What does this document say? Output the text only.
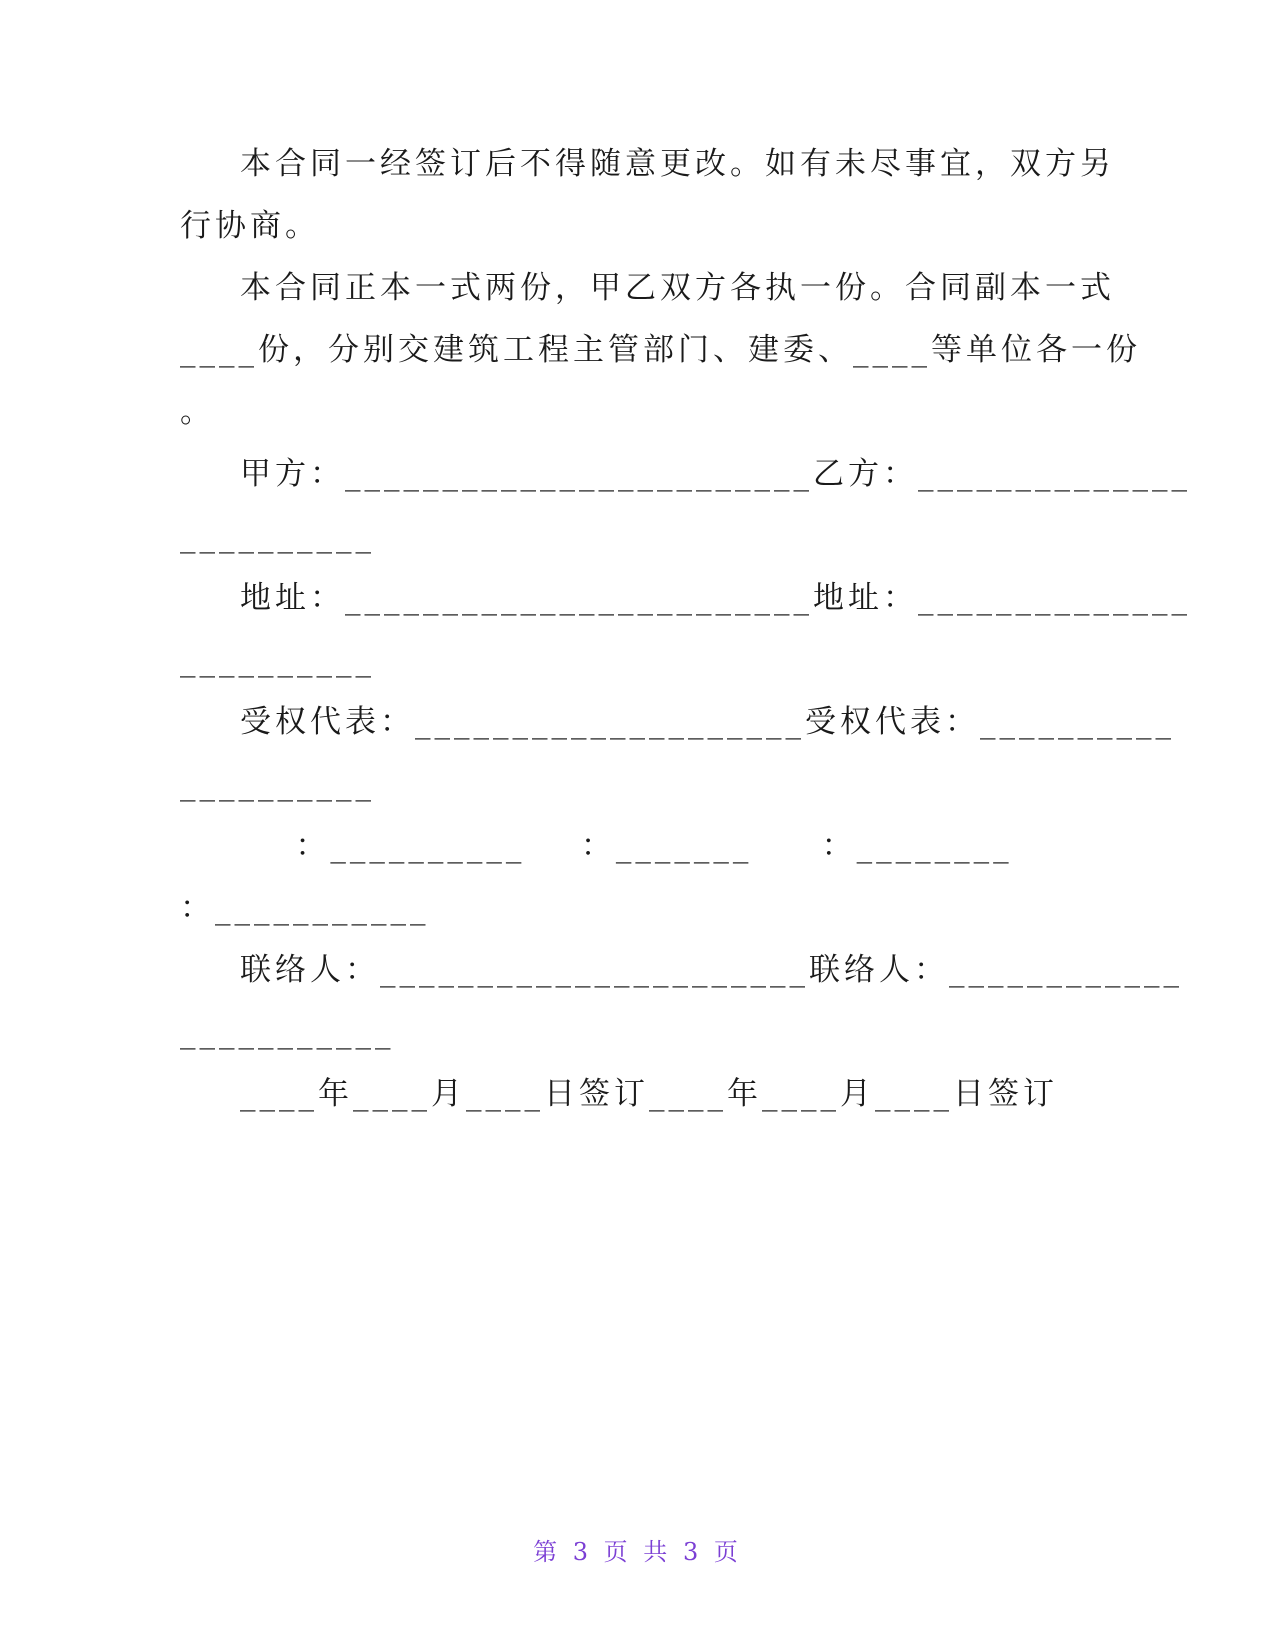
本合同一经签订后不得随意更改。如有未尽事宜，双方另
行协商。
本合同正本一式两份，甲乙双方各执一份。合同副本一式
____份，分别交建筑工程主管部门、建委、____等单位各一份
。
甲方：________________________乙方：______________
__________
地址：________________________地址：______________
__________
受权代表：____________________受权代表：__________
__________
：__________    ：_______     ：________
：___________
联络人：______________________联络人：____________
___________
____年____月____日签订____年____月____日签订
第 3 页 共 3 页
